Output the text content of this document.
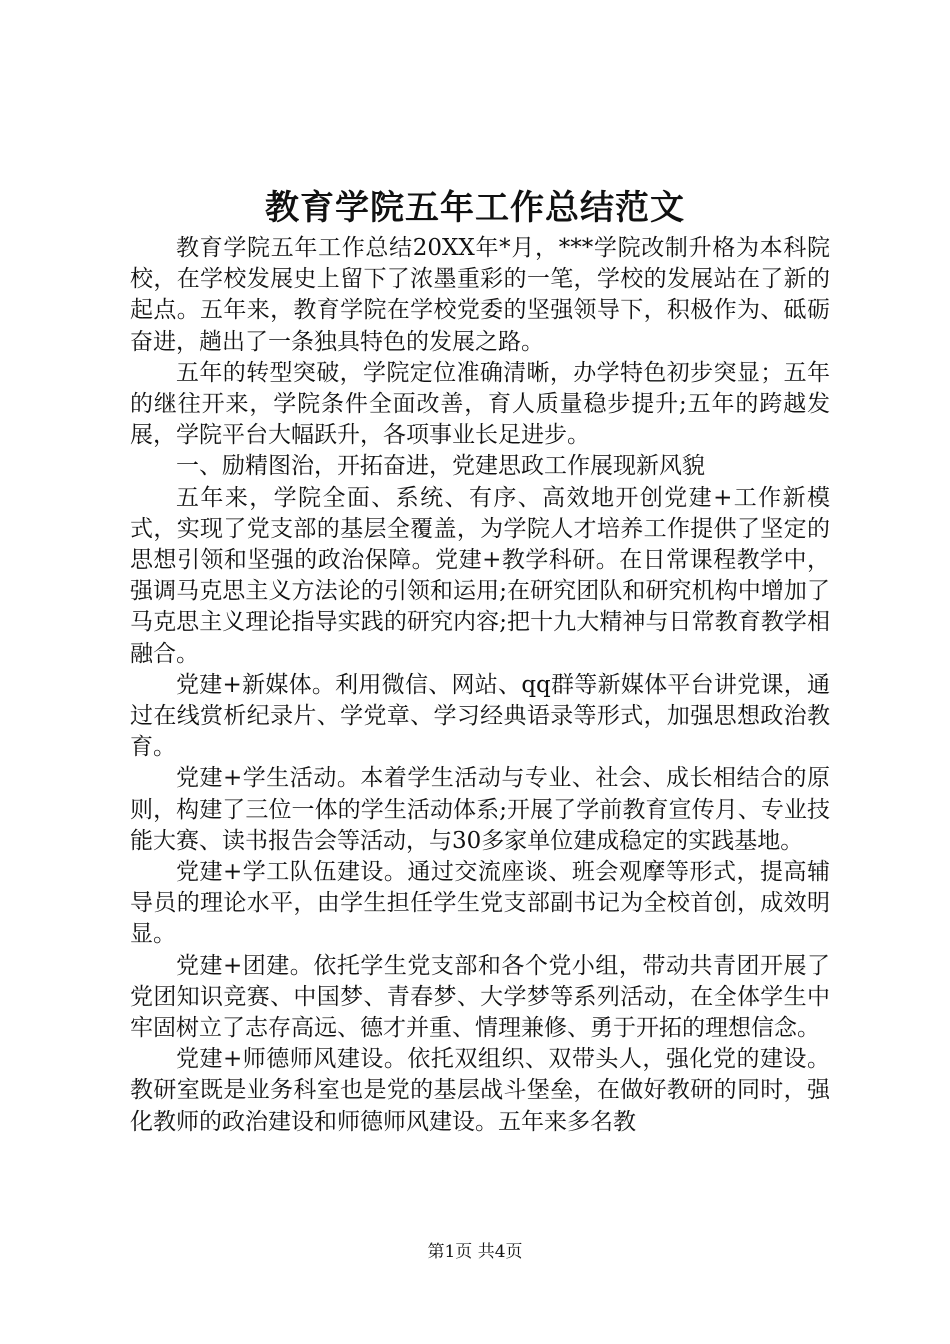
教育学院五年工作总结范文

教育学院五年工作总结20XX年*月，***学院改制升格为本科院校，在学校发展史上留下了浓墨重彩的一笔，学校的发展站在了新的起点。五年来，教育学院在学校党委的坚强领导下，积极作为、砥砺奋进，趟出了一条独具特色的发展之路。

五年的转型突破，学院定位准确清晰，办学特色初步突显；五年的继往开来，学院条件全面改善，育人质量稳步提升;五年的跨越发展，学院平台大幅跃升，各项事业长足进步。

一、励精图治，开拓奋进，党建思政工作展现新风貌

五年来，学院全面、系统、有序、高效地开创党建+工作新模式，实现了党支部的基层全覆盖，为学院人才培养工作提供了坚定的思想引领和坚强的政治保障。党建+教学科研。在日常课程教学中，强调马克思主义方法论的引领和运用;在研究团队和研究机构中增加了马克思主义理论指导实践的研究内容;把十九大精神与日常教育教学相融合。

党建+新媒体。利用微信、网站、qq群等新媒体平台讲党课，通过在线赏析纪录片、学党章、学习经典语录等形式，加强思想政治教育。

党建+学生活动。本着学生活动与专业、社会、成长相结合的原则，构建了三位一体的学生活动体系;开展了学前教育宣传月、专业技能大赛、读书报告会等活动，与30多家单位建成稳定的实践基地。

党建+学工队伍建设。通过交流座谈、班会观摩等形式，提高辅导员的理论水平，由学生担任学生党支部副书记为全校首创，成效明显。

党建+团建。依托学生党支部和各个党小组，带动共青团开展了党团知识竞赛、中国梦、青春梦、大学梦等系列活动，在全体学生中牢固树立了志存高远、德才并重、情理兼修、勇于开拓的理想信念。

党建+师德师风建设。依托双组织、双带头人，强化党的建设。教研室既是业务科室也是党的基层战斗堡垒，在做好教研的同时，强化教师的政治建设和师德师风建设。五年来多名教

第1页 共4页
